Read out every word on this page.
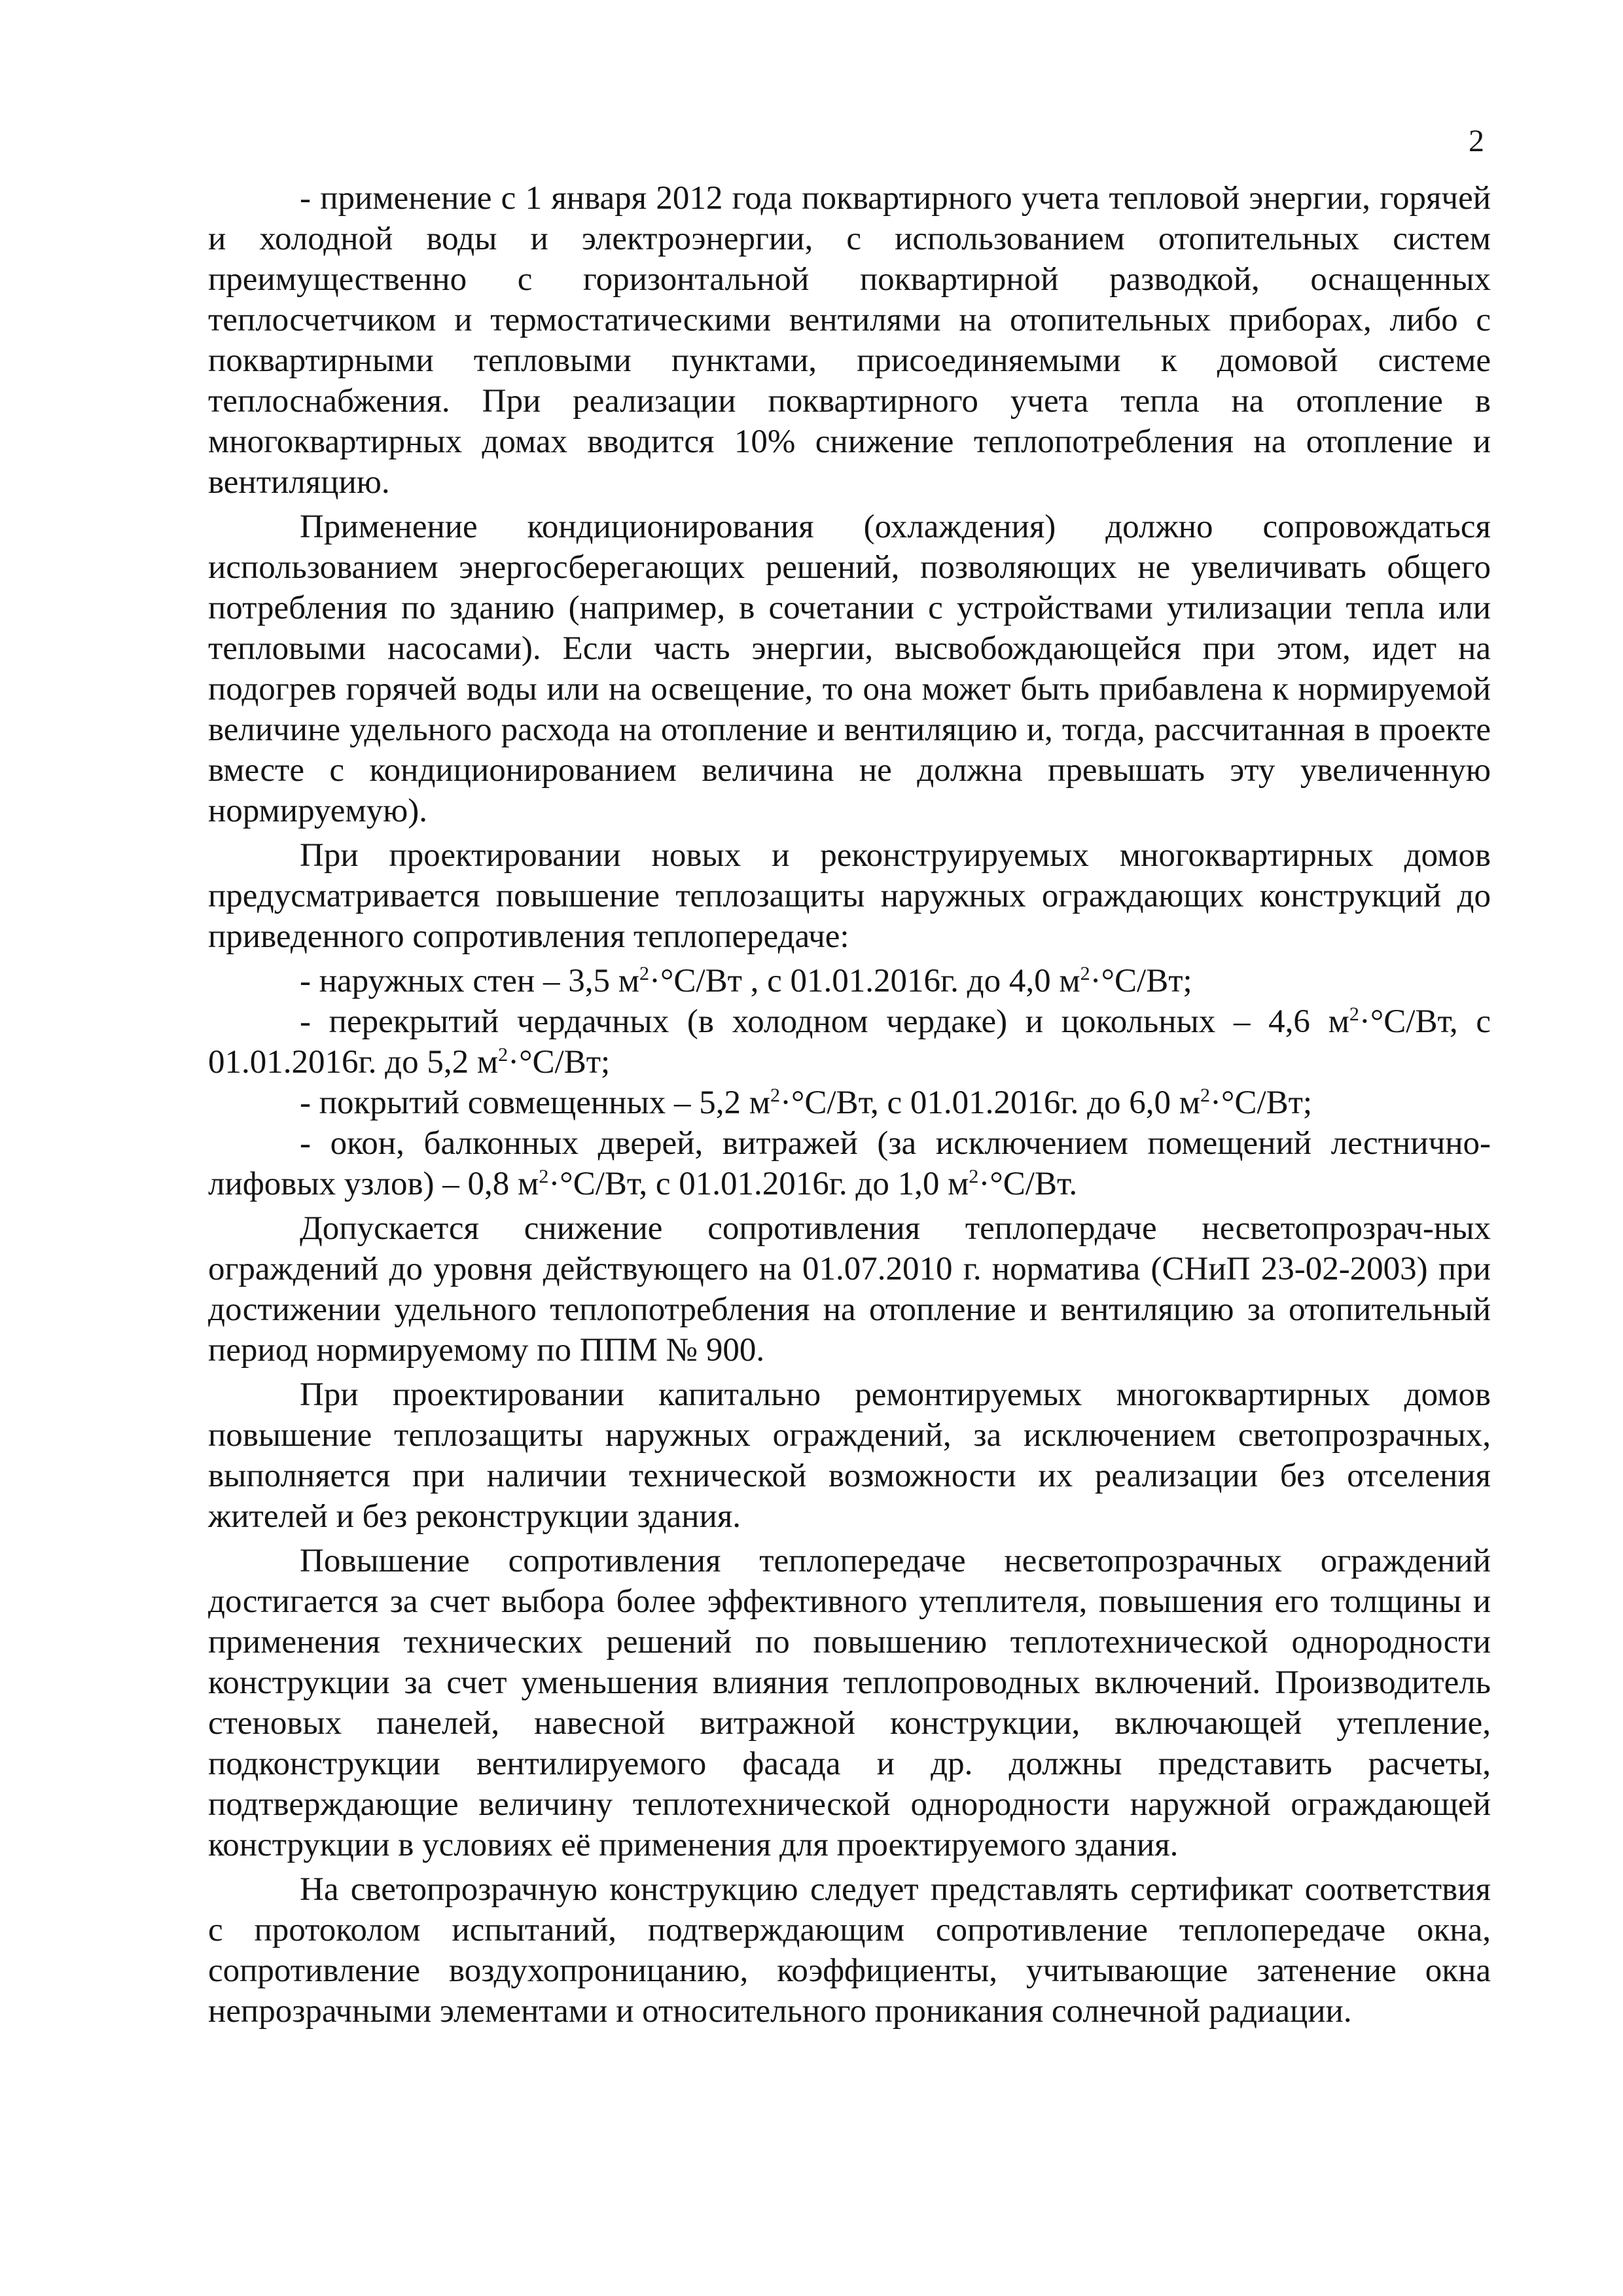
2

- применение с 1 января 2012 года поквартирного учета тепловой энергии, горячей и холодной воды и электроэнергии, с использованием отопительных систем преимущественно с горизонтальной поквартирной разводкой, оснащенных теплосчетчиком и термостатическими вентилями на отопительных приборах, либо с поквартирными тепловыми пунктами, присоединяемыми к домовой системе теплоснабжения. При реализации поквартирного учета тепла на отопление в многоквартирных домах вводится 10% снижение теплопотребления на отопление и вентиляцию.

Применение кондиционирования (охлаждения) должно сопровождаться использованием энергосберегающих решений, позволяющих не увеличивать общего потребления по зданию (например, в сочетании с устройствами утилизации тепла или тепловыми насосами). Если часть энергии, высвобождающейся при этом, идет на подогрев горячей воды или на освещение, то она может быть прибавлена к нормируемой величине удельного расхода на отопление и вентиляцию и, тогда, рассчитанная в проекте вместе с кондиционированием величина не должна превышать эту увеличенную нормируемую).

При проектировании новых и реконструируемых многоквартирных домов предусматривается повышение теплозащиты наружных ограждающих конструкций до приведенного сопротивления теплопередаче:

- наружных стен – 3,5 $м^2\cdot^\circ С/Вт$ , с 01.01.2016г. до 4,0 $м^2\cdot^\circ С/Вт$;

- перекрытий чердачных (в холодном чердаке) и цокольных – 4,6 $м^2\cdot^\circ С/Вт$, с 01.01.2016г. до 5,2 $м^2\cdot^\circ С/Вт$;

- покрытий совмещенных – 5,2 $м^2\cdot^\circ С/Вт$, с 01.01.2016г. до 6,0 $м^2\cdot^\circ С/Вт$;

- окон, балконных дверей, витражей (за исключением помещений лестнично-лифовых узлов) – 0,8 $м^2\cdot^\circ С/Вт$, с 01.01.2016г. до 1,0 $м^2\cdot^\circ С/Вт$.

Допускается снижение сопротивления теплопердаче несветопрозрач-ных ограждений до уровня действующего на 01.07.2010 г. норматива (СНиП 23-02-2003) при достижении удельного теплопотребления на отопление и вентиляцию за отопительный период нормируемому по ППМ № 900.

При проектировании капитально ремонтируемых многоквартирных домов повышение теплозащиты наружных ограждений, за исключением светопрозрачных, выполняется при наличии технической возможности их реализации без отселения жителей и без реконструкции здания.

Повышение сопротивления теплопередаче несветопрозрачных ограждений достигается за счет выбора более эффективного утеплителя, повышения его толщины и применения технических решений по повышению теплотехнической однородности конструкции за счет уменьшения влияния теплопроводных включений. Производитель стеновых панелей, навесной витражной конструкции, включающей утепление, подконструкции вентилируемого фасада и др. должны представить расчеты, подтверждающие величину теплотехнической однородности наружной ограждающей конструкции в условиях её применения для проектируемого здания.

На светопрозрачную конструкцию следует представлять сертификат соответствия с протоколом испытаний, подтверждающим сопротивление теплопередаче окна, сопротивление воздухопроницанию, коэффициенты, учитывающие затенение окна непрозрачными элементами и относительного проникания солнечной радиации.
